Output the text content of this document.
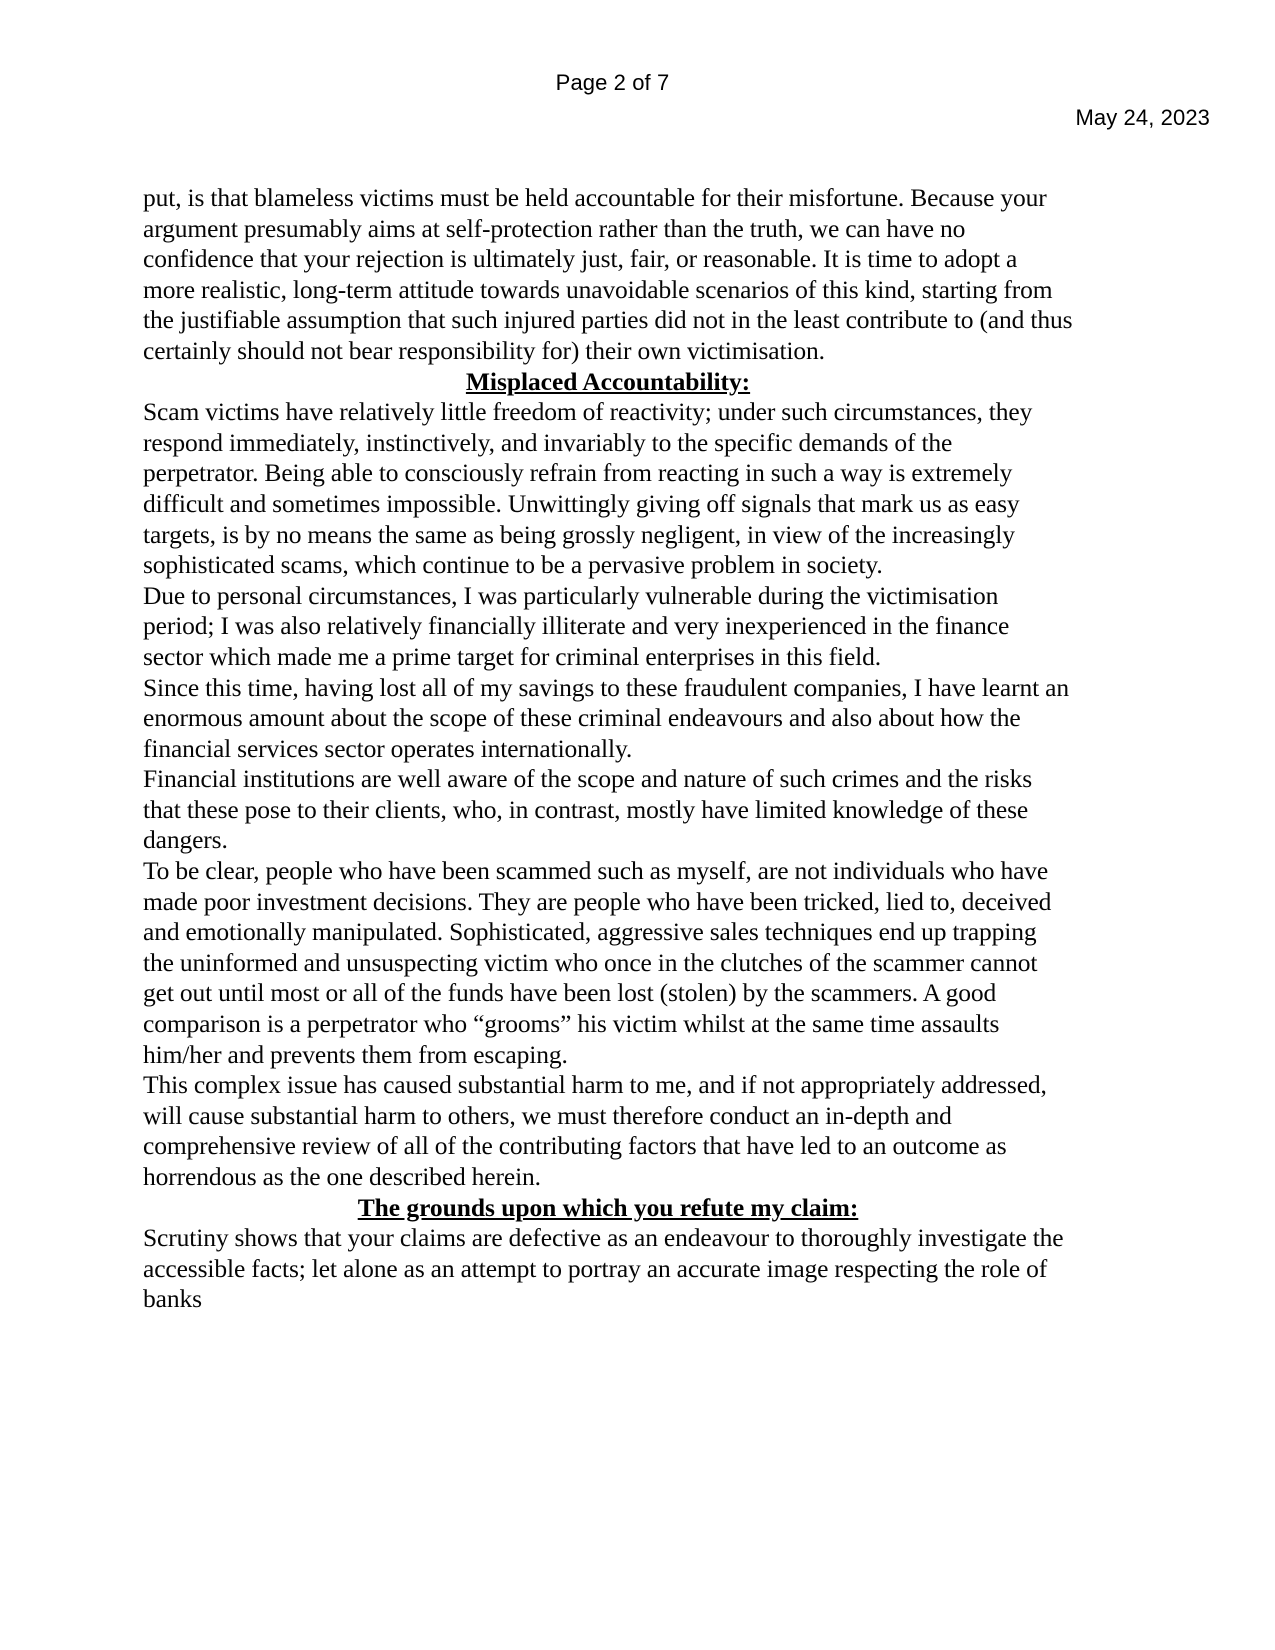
Page 2 of 7
May 24, 2023

put, is that blameless victims must be held accountable for their misfortune. Because your argument presumably aims at self-protection rather than the truth, we can have no confidence that your rejection is ultimately just, fair, or reasonable. It is time to adopt a more realistic, long-term attitude towards unavoidable scenarios of this kind, starting from the justifiable assumption that such injured parties did not in the least contribute to (and thus certainly should not bear responsibility for) their own victimisation.

Misplaced Accountability:

Scam victims have relatively little freedom of reactivity; under such circumstances, they respond immediately, instinctively, and invariably to the specific demands of the perpetrator. Being able to consciously refrain from reacting in such a way is extremely difficult and sometimes impossible. Unwittingly giving off signals that mark us as easy targets, is by no means the same as being grossly negligent, in view of the increasingly sophisticated scams, which continue to be a pervasive problem in society.

Due to personal circumstances, I was particularly vulnerable during the victimisation period; I was also relatively financially illiterate and very inexperienced in the finance sector which made me a prime target for criminal enterprises in this field.

Since this time, having lost all of my savings to these fraudulent companies, I have learnt an enormous amount about the scope of these criminal endeavours and also about how the financial services sector operates internationally.

Financial institutions are well aware of the scope and nature of such crimes and the risks that these pose to their clients, who, in contrast, mostly have limited knowledge of these dangers.

To be clear, people who have been scammed such as myself, are not individuals who have made poor investment decisions. They are people who have been tricked, lied to, deceived and emotionally manipulated. Sophisticated, aggressive sales techniques end up trapping the uninformed and unsuspecting victim who once in the clutches of the scammer cannot get out until most or all of the funds have been lost (stolen) by the scammers. A good comparison is a perpetrator who “grooms” his victim whilst at the same time assaults him/her and prevents them from escaping.

This complex issue has caused substantial harm to me, and if not appropriately addressed, will cause substantial harm to others, we must therefore conduct an in-depth and comprehensive review of all of the contributing factors that have led to an outcome as horrendous as the one described herein.

The grounds upon which you refute my claim:

Scrutiny shows that your claims are defective as an endeavour to thoroughly investigate the accessible facts; let alone as an attempt to portray an accurate image respecting the role of banks
